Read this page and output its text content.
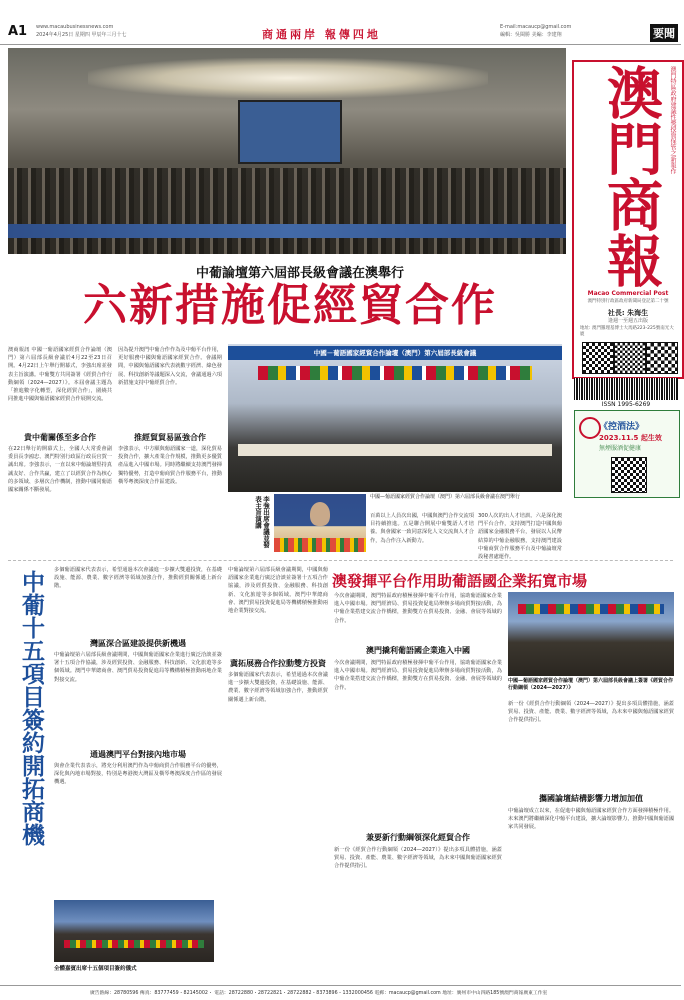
A1 www.macaubusinessnews.com
2024年4月25日 星期四 甲辰年三月十七	商通兩岸 報傳四地
E-mail:macaucp@gmail.com
編輯：吳閩勝 美編：李建翔	要聞
澳門特區政府建議性獎授資保管之新報作
澳門商報
Macao Commercial Post
澳門特別行政區政府新聞局登記第二十號
社長: 朱海生
逢週一至週五出版
地址: 澳門羅理基博士大馬路223-225號南光大廈
ISSN 1995-6269
《控酒法》
2023.11.5 起生效
無煙服酒促健康
中葡論壇第六屆部長級會議在澳舉行
六新措施促經貿合作
澳商報訊 中國一葡語國家經貿合作論壇（澳門）第六屆部長級會議於4月22至23日召開。4月22日上午舉行開幕式，李強出席並發表主旨演講。中葡雙方共同簽署《經貿合作行動綱領（2024—2027）》。本屆會議主題為「推進數字化轉型，深化經貿合作」，圍繞共同推進中國與葡語國家經貿合作展開交流。
貴中葡關係至多合作
在22日舉行的開幕式上，全國人大常委會副委員長李鴻忠、澳門特別行政區行政長官賀一誠出席。李強表示，一直以來中葡論壇堅持真誠友好、合作共贏，建立了以經貿合作為核心的多領域、多層次合作機制，推動中國同葡語國家關係不斷發展。
因為提升澳門中葡合作作為及中葡平台作用，更好服務中國與葡語國家經貿合作。會議期間，中國與葡語國家代表就數字經濟、綠色發展、科技創新等議題深入交流，會議通過六項新措施支持中葡經貿合作。
推經貿貿易區強合作
李強表示，中方願與葡語國家一道，深化貿易投資合作，擴大產業合作規模，推動更多優質產品進入中國市場。同時將繼續支持澳門發揮獨特優勢，打造中葡商貿合作服務平台，推動橫琴粵澳深度合作區建設。
中國－葡語國家經貿合作論壇（澳門）第六屆部長級會議
中國—葡語國家經貿合作論壇（澳門）第六屆部長級會議在澳門舉行
李強出席會議並發表主旨演講	百萬以上人員次出國，中國與澳門合作交流項目持續推進。五是聯合開展中葡雙語人才培養。與會國家一致同意深化人文交流與人才合作，為合作注入新動力。
300人次的出人才培訓。六是深化澳門平台合作，支持澳門打造中國與葡語國家金融服務平台，發展以人民幣結算的中葡金融服務，支持澳門建設中葡商貿合作服務平台及中葡論壇常設秘書處運作。
中葡十五項目簽約開拓商機 多個葡語國家代表表示，希望通過本次會議進一步擴大雙邊投資，在基礎設施、能源、農業、數字經濟等領域加強合作，推動經貿關係邁上新台階。
灣區深合區建設提供新機遇
中葡論壇第六屆部長級會議期間，中國與葡語國家企業進行廣泛洽談並簽署十五項合作協議，涉及經貿投資、金融服務、科技創新、文化旅遊等多個領域。澳門中華總商會、澳門貿易投資促進局等機構積極推動兩地企業對接交流。
通過澳門平台對接內地市場
與會企業代表表示，將充分利用澳門作為中葡商貿合作服務平台的優勢，深化與內地市場對接，特別是粵港澳大灣區及橫琴粵澳深度合作區的發展機遇。
中葡論壇第六屆部長級會議期間，中國與葡語國家企業進行廣泛洽談並簽署十五項合作協議，涉及經貿投資、金融服務、科技創新、文化旅遊等多個領域。澳門中華總商會、澳門貿易投資促進局等機構積極推動兩地企業對接交流。
冀拓展務合作拉動雙方投資
多個葡語國家代表表示，希望通過本次會議進一步擴大雙邊投資，在基礎設施、能源、農業、數字經濟等領域加強合作，推動經貿關係邁上新台階。
全體嘉賓出席十五個項目簽約儀式
澳發揮平台作用助葡語國企業拓寬市場
今次會議期間，澳門特區政府積極發揮中葡平台作用，協助葡語國家企業進入中國市場。澳門經濟局、貿易投資促進局舉辦多場商貿對接活動，為中葡企業搭建交流合作橋樑，推動雙方在貿易投資、金融、會展等領域的合作。
澳門撬利葡語國企業進入中國
今次會議期間，澳門特區政府積極發揮中葡平台作用，協助葡語國家企業進入中國市場。澳門經濟局、貿易投資促進局舉辦多場商貿對接活動，為中葡企業搭建交流合作橋樑，推動雙方在貿易投資、金融、會展等領域的合作。
兼要新行動綱領深化經貿合作
新一份《經貿合作行動綱領（2024—2027）》提出多項具體措施，涵蓋貿易、投資、產能、農業、數字經濟等領域，為未來中國與葡語國家經貿合作提供指引。
中國—葡語國家經貿合作論壇（澳門）第六屆部長級會議上簽署《經貿合作行動綱領（2024—2027）》
新一份《經貿合作行動綱領（2024—2027）》提出多項具體措施，涵蓋貿易、投資、產能、農業、數字經濟等領域，為未來中國與葡語國家經貿合作提供指引。
攜國論壇結構影響力增加加值
中葡論壇成立以來，在促進中國與葡語國家經貿合作方面發揮積極作用。未來澳門將繼續深化中葡平台建設，擴大論壇影響力，推動中國與葡語國家共同發展。
廣告熱線：28780596 傳真：83777459・82145002・ 電話：28722880・28722821・28722882・8373896・1332000456 電郵：macaucp@gmail.com 地址：廣州市中山四路185號澳門商報廣東工作室
